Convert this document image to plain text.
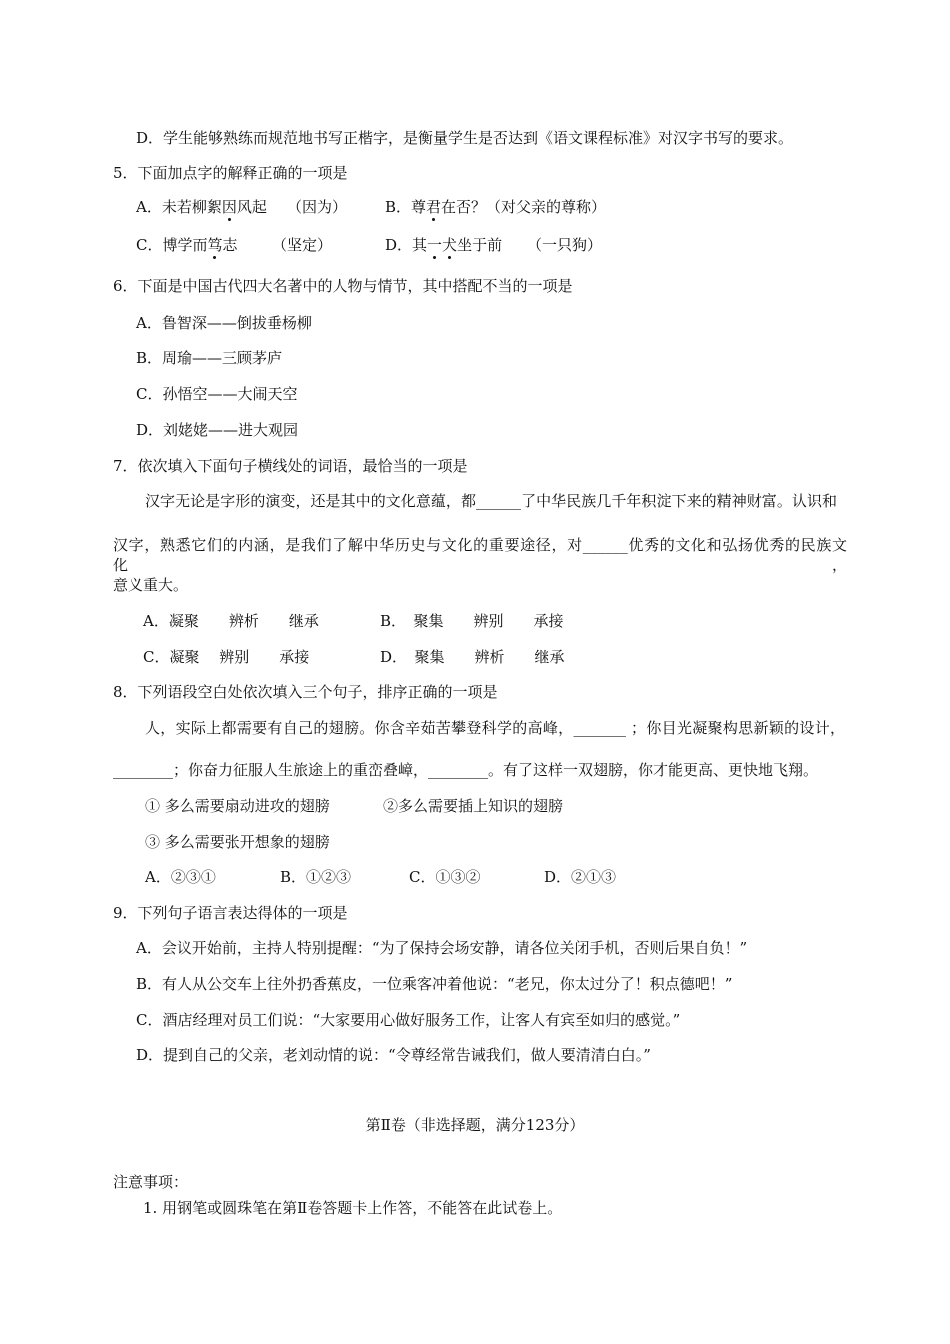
D．学生能够熟练而规范地书写正楷字，是衡量学生是否达到《语文课程标准》对汉字书写的要求。
5．下面加点字的解释正确的一项是
A．未若柳絮因风起 （因为）	B．尊君在否？（对父亲的尊称）
C．博学而笃志 （坚定）	D．其一犬坐于前 （一只狗）
6．下面是中国古代四大名著中的人物与情节，其中搭配不当的一项是
A．鲁智深——倒拔垂杨柳
B．周瑜——三顾茅庐
C．孙悟空——大闹天空
D．刘姥姥——进大观园
7．依次填入下面句子横线处的词语，最恰当的一项是
汉字无论是字形的演变，还是其中的文化意蕴，都______了中华民族几千年积淀下来的精神财富。认识和
汉字，熟悉它们的内涵，是我们了解中华历史与文化的重要途径，对______优秀的文化和弘扬优秀的民族文化，
意义重大。
A．凝聚　　辨析　　继承	B．　聚集　　辨别　　承接
C．凝聚　 辨别　　承接	D．　聚集　　辨析　　继承
8．下列语段空白处依次填入三个句子，排序正确的一项是
人，实际上都需要有自己的翅膀。你含辛茹苦攀登科学的高峰，_______ ；你目光凝聚构思新颖的设计，
________；你奋力征服人生旅途上的重峦叠嶂，________。有了这样一双翅膀，你才能更高、更快地飞翔。
① 多么需要扇动进攻的翅膀	②多么需要插上知识的翅膀
③ 多么需要张开想象的翅膀
A．②③①	B．①②③	C．①③②	D．②①③
9．下列句子语言表达得体的一项是
A．会议开始前，主持人特别提醒：“为了保持会场安静，请各位关闭手机，否则后果自负！”
B．有人从公交车上往外扔香蕉皮，一位乘客冲着他说：“老兄，你太过分了！积点德吧！”
C．酒店经理对员工们说：“大家要用心做好服务工作，让客人有宾至如归的感觉。”
D．提到自己的父亲，老刘动情的说：“令尊经常告诫我们，做人要清清白白。”
第Ⅱ卷（非选择题，满分123分）
注意事项：
1. 用钢笔或圆珠笔在第Ⅱ卷答题卡上作答，不能答在此试卷上。
